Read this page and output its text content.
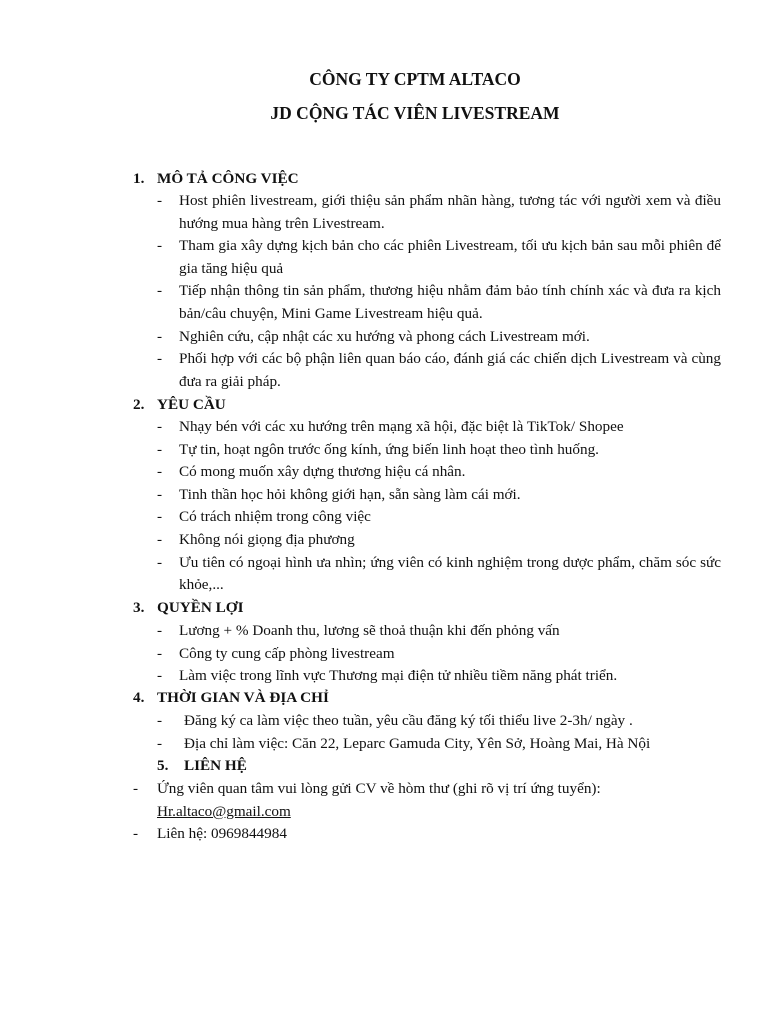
CÔNG TY CPTM ALTACO

JD CỘNG TÁC VIÊN LIVESTREAM

1. MÔ TẢ CÔNG VIỆC

- Host phiên livestream, giới thiệu sản phẩm nhãn hàng, tương tác với người xem và điều hướng mua hàng trên Livestream.
- Tham gia xây dựng kịch bản cho các phiên Livestream, tối ưu kịch bản sau mỗi phiên để gia tăng hiệu quả
- Tiếp nhận thông tin sản phẩm, thương hiệu nhằm đảm bảo tính chính xác và đưa ra kịch bản/câu chuyện, Mini Game Livestream hiệu quả.
- Nghiên cứu, cập nhật các xu hướng và phong cách Livestream mới.
- Phối hợp với các bộ phận liên quan báo cáo, đánh giá các chiến dịch Livestream và cùng đưa ra giải pháp.

2. YÊU CẦU

- Nhạy bén với các xu hướng trên mạng xã hội, đặc biệt là TikTok/ Shopee
- Tự tin, hoạt ngôn trước ống kính, ứng biến linh hoạt theo tình huống.
- Có mong muốn xây dựng thương hiệu cá nhân.
- Tinh thần học hỏi không giới hạn, sẵn sàng làm cái mới.
- Có trách nhiệm trong công việc
- Không nói giọng địa phương
- Ưu tiên có ngoại hình ưa nhìn; ứng viên có kinh nghiệm trong dược phẩm, chăm sóc sức khỏe,...

3. QUYỀN LỢI

- Lương + % Doanh thu, lương sẽ thoả thuận khi đến phỏng vấn
- Công ty cung cấp phòng livestream
- Làm việc trong lĩnh vực Thương mại điện tử nhiều tiềm năng phát triển.

4. THỜI GIAN VÀ ĐỊA CHỈ

- Đăng ký ca làm việc theo tuần, yêu cầu đăng ký tối thiểu live 2-3h/ ngày .
- Địa chỉ làm việc: Căn 22, Leparc Gamuda City, Yên Sở, Hoàng Mai, Hà Nội

5. LIÊN HỆ

- Ứng viên quan tâm vui lòng gửi CV về hòm thư (ghi rõ vị trí ứng tuyển):
Hr.altaco@gmail.com
- Liên hệ: 0969844984
